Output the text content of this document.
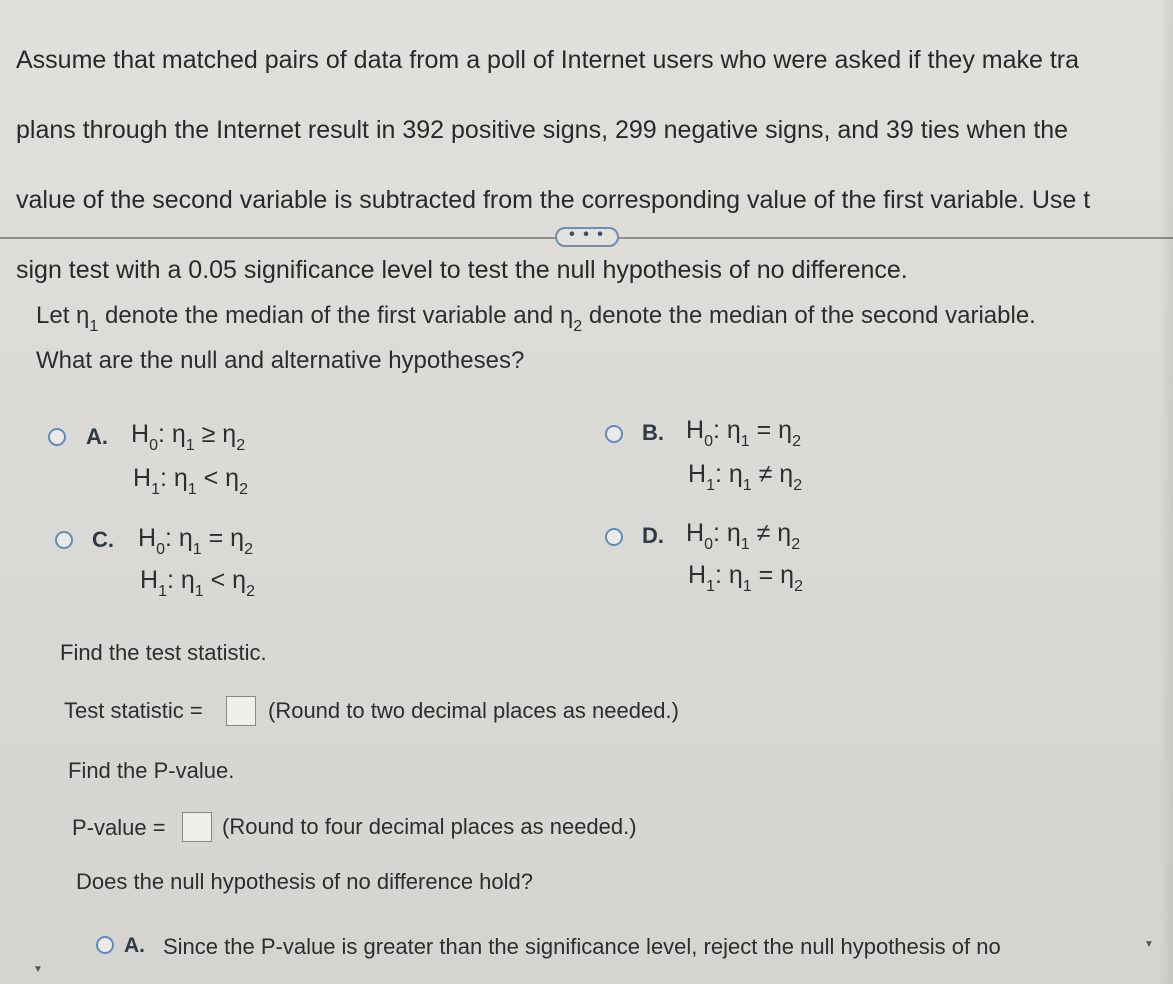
Assume that matched pairs of data from a poll of Internet users who were asked if they make tra

plans through the Internet result in 392 positive signs, 299 negative signs, and 39 ties when the

value of the second variable is subtracted from the corresponding value of the first variable. Use t

sign test with a 0.05 significance level to test the null hypothesis of no difference.

• • •
Let $\eta_1$ denote the median of the first variable and $\eta_2$ denote the median of the second variable.
What are the null and alternative hypotheses?
A. $H_0$: $\eta_1 \ge \eta_2$
$H_1$: $\eta_1 < \eta_2$
B. $H_0$: $\eta_1 = \eta_2$
$H_1$: $\eta_1 \ne \eta_2$
C. $H_0$: $\eta_1 = \eta_2$
$H_1$: $\eta_1 < \eta_2$
D. $H_0$: $\eta_1 \ne \eta_2$
$H_1$: $\eta_1 = \eta_2$
Find the test statistic.
Test statistic =	(Round to two decimal places as needed.)
Find the P-value.
P-value =	(Round to four decimal places as needed.)
Does the null hypothesis of no difference hold?
A. Since the P-value is greater than the significance level, reject the null hypothesis of no	▼
▼
